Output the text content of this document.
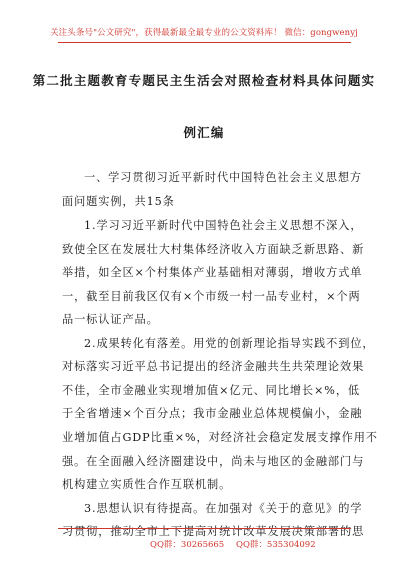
关注头条号"公文研究"，获得最新最全最专业的公文资料库！ 微信：gongwenyj
第二批主题教育专题民主生活会对照检查材料具体问题实
例汇编
一、学习贯彻习近平新时代中国特色社会主义思想方
面问题实例，共15条
1.学习习近平新时代中国特色社会主义思想不深入，
致使全区在发展壮大村集体经济收入方面缺乏新思路、新
举措，如全区×个村集体产业基础相对薄弱，增收方式单
一，截至目前我区仅有×个市级一村一品专业村，×个两
品一标认证产品。
2.成果转化有落差。用党的创新理论指导实践不到位，
对标落实习近平总书记提出的经济金融共生共荣理论效果
不佳，全市金融业实现增加值×亿元、同比增长×%，低
于全省增速×个百分点；我市金融业总体规模偏小，金融
业增加值占GDP比重×%，对经济社会稳定发展支撑作用不
强。在全面融入经济圈建设中，尚未与地区的金融部门与
机构建立实质性合作互联机制。
3.思想认识有待提高。在加强对《关于的意见》的学
习贯彻，推动全市上下提高对统计改革发展决策部署的思
QQ群：30265665 QQ群：535304092
